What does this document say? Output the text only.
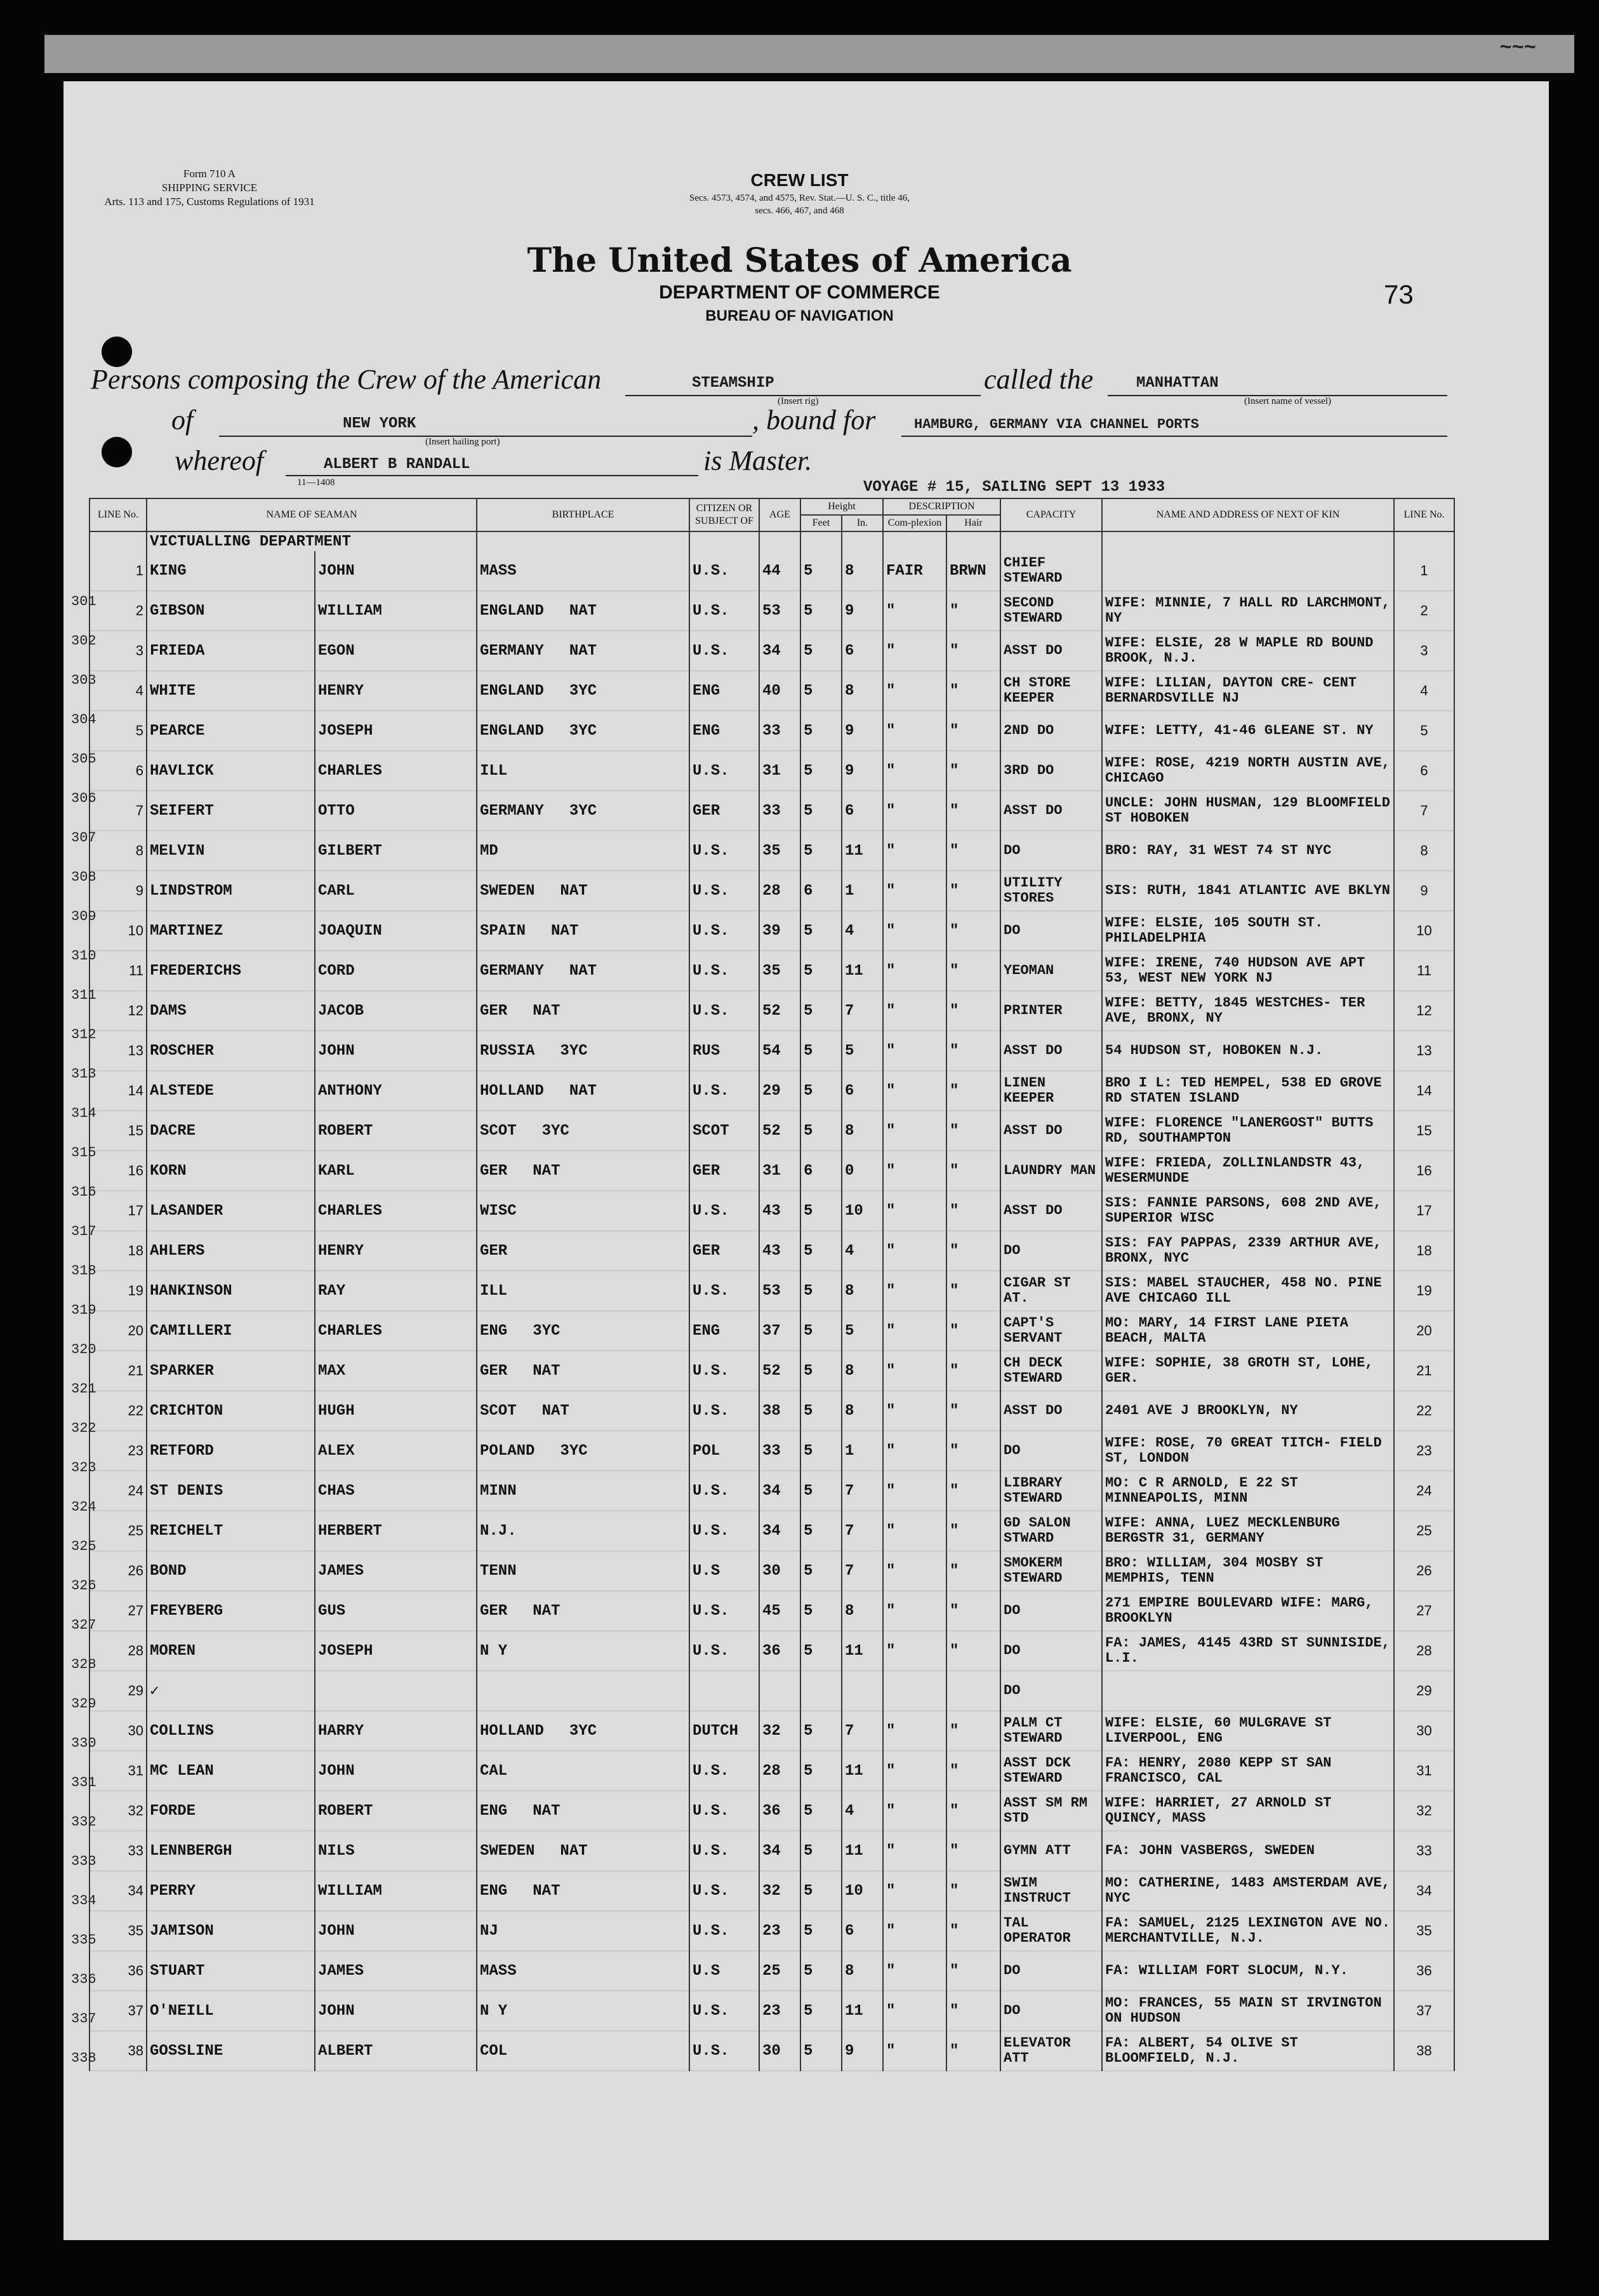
~~~
Form 710 A
SHIPPING SERVICE
Arts. 113 and 175, Customs Regulations of 1931
CREW LIST
Secs. 4573, 4574, and 4575, Rev. Stat.—U. S. C., title 46,
secs. 466, 467, and 468
The United States of America
DEPARTMENT OF COMMERCE
BUREAU OF NAVIGATION
73
Persons composing the Crew of the American	STEAMSHIP
(Insert rig)
called the	MANHATTAN
(Insert name of vessel)
of	NEW YORK
(Insert hailing port)
, bound for	HAMBURG, GERMANY VIA CHANNEL PORTS
whereof	ALBERT B RANDALL
11—1408
is Master.
VOYAGE # 15, SAILING SEPT 13 1933
LINE No.	NAME OF SEAMAN		BIRTHPLACE	CITIZEN OR SUBJECT OF	AGE	Height		DESCRIPTION		CAPACITY	NAME AND ADDRESS OF NEXT OF KIN	LINE No.
						Feet	In.	Com-plexion	Hair			
	VICTUALLING DEPARTMENT											
1	KING	JOHN	MASS	U.S.	44	5	8	FAIR	BRWN	CHIEF STEWARD		1
2	GIBSON	WILLIAM	ENGLAND NAT	U.S.	53	5	9	"	"	SECOND STEWARD	WIFE: MINNIE, 7 HALL RD LARCHMONT, NY	2
3	FRIEDA	EGON	GERMANY NAT	U.S.	34	5	6	"	"	ASST DO	WIFE: ELSIE, 28 W MAPLE RD BOUND BROOK, N.J.	3
4	WHITE	HENRY	ENGLAND 3YC	ENG	40	5	8	"	"	CH STORE KEEPER	WIFE: LILIAN, DAYTON CRE- CENT BERNARDSVILLE NJ	4
5	PEARCE	JOSEPH	ENGLAND 3YC	ENG	33	5	9	"	"	2ND DO	WIFE: LETTY, 41-46 GLEANE ST. NY	5
6	HAVLICK	CHARLES	ILL	U.S.	31	5	9	"	"	3RD DO	WIFE: ROSE, 4219 NORTH AUSTIN AVE, CHICAGO	6
7	SEIFERT	OTTO	GERMANY 3YC	GER	33	5	6	"	"	ASST DO	UNCLE: JOHN HUSMAN, 129 BLOOMFIELD ST HOBOKEN	7
8	MELVIN	GILBERT	MD	U.S.	35	5	11	"	"	DO	BRO: RAY, 31 WEST 74 ST NYC	8
9	LINDSTROM	CARL	SWEDEN NAT	U.S.	28	6	1	"	"	UTILITY STORES	SIS: RUTH, 1841 ATLANTIC AVE BKLYN	9
10	MARTINEZ	JOAQUIN	SPAIN NAT	U.S.	39	5	4	"	"	DO	WIFE: ELSIE, 105 SOUTH ST. PHILADELPHIA	10
11	FREDERICHS	CORD	GERMANY NAT	U.S.	35	5	11	"	"	YEOMAN	WIFE: IRENE, 740 HUDSON AVE APT 53, WEST NEW YORK NJ	11
12	DAMS	JACOB	GER NAT	U.S.	52	5	7	"	"	PRINTER	WIFE: BETTY, 1845 WESTCHES- TER AVE, BRONX, NY	12
13	ROSCHER	JOHN	RUSSIA 3YC	RUS	54	5	5	"	"	ASST DO	54 HUDSON ST, HOBOKEN N.J.	13
14	ALSTEDE	ANTHONY	HOLLAND NAT	U.S.	29	5	6	"	"	LINEN KEEPER	BRO I L: TED HEMPEL, 538 ED GROVE RD STATEN ISLAND	14
15	DACRE	ROBERT	SCOT 3YC	SCOT	52	5	8	"	"	ASST DO	WIFE: FLORENCE "LANERGOST" BUTTS RD, SOUTHAMPTON	15
16	KORN	KARL	GER NAT	GER	31	6	0	"	"	LAUNDRY MAN	WIFE: FRIEDA, ZOLLINLANDSTR 43, WESERMUNDE	16
17	LASANDER	CHARLES	WISC	U.S.	43	5	10	"	"	ASST DO	SIS: FANNIE PARSONS, 608 2ND AVE, SUPERIOR WISC	17
18	AHLERS	HENRY	GER	GER	43	5	4	"	"	DO	SIS: FAY PAPPAS, 2339 ARTHUR AVE, BRONX, NYC	18
19	HANKINSON	RAY	ILL	U.S.	53	5	8	"	"	CIGAR ST AT.	SIS: MABEL STAUCHER, 458 NO. PINE AVE CHICAGO ILL	19
20	CAMILLERI	CHARLES	ENG 3YC	ENG	37	5	5	"	"	CAPT'S SERVANT	MO: MARY, 14 FIRST LANE PIETA BEACH, MALTA	20
21	SPARKER	MAX	GER NAT	U.S.	52	5	8	"	"	CH DECK STEWARD	WIFE: SOPHIE, 38 GROTH ST, LOHE, GER.	21
22	CRICHTON	HUGH	SCOT NAT	U.S.	38	5	8	"	"	ASST DO	2401 AVE J BROOKLYN, NY	22
23	RETFORD	ALEX	POLAND 3YC	POL	33	5	1	"	"	DO	WIFE: ROSE, 70 GREAT TITCH- FIELD ST, LONDON	23
24	ST DENIS	CHAS	MINN	U.S.	34	5	7	"	"	LIBRARY STEWARD	MO: C R ARNOLD, E 22 ST MINNEAPOLIS, MINN	24
25	REICHELT	HERBERT	N.J.	U.S.	34	5	7	"	"	GD SALON STWARD	WIFE: ANNA, LUEZ MECKLENBURG BERGSTR 31, GERMANY	25
26	BOND	JAMES	TENN	U.S	30	5	7	"	"	SMOKERM STEWARD	BRO: WILLIAM, 304 MOSBY ST MEMPHIS, TENN	26
27	FREYBERG	GUS	GER NAT	U.S.	45	5	8	"	"	DO	271 EMPIRE BOULEVARD WIFE: MARG, BROOKLYN	27
28	MOREN	JOSEPH	N Y	U.S.	36	5	11	"	"	DO	FA: JAMES, 4145 43RD ST SUNNISIDE, L.I.	28
29	✓									DO		29
30	COLLINS	HARRY	HOLLAND 3YC	DUTCH	32	5	7	"	"	PALM CT STEWARD	WIFE: ELSIE, 60 MULGRAVE ST LIVERPOOL, ENG	30
31	MC LEAN	JOHN	CAL	U.S.	28	5	11	"	"	ASST DCK STEWARD	FA: HENRY, 2080 KEPP ST SAN FRANCISCO, CAL	31
32	FORDE	ROBERT	ENG NAT	U.S.	36	5	4	"	"	ASST SM RM STD	WIFE: HARRIET, 27 ARNOLD ST QUINCY, MASS	32
33	LENNBERGH	NILS	SWEDEN NAT	U.S.	34	5	11	"	"	GYMN ATT	FA: JOHN VASBERGS, SWEDEN	33
34	PERRY	WILLIAM	ENG NAT	U.S.	32	5	10	"	"	SWIM INSTRUCT	MO: CATHERINE, 1483 AMSTERDAM AVE, NYC	34
35	JAMISON	JOHN	NJ	U.S.	23	5	6	"	"	TAL OPERATOR	FA: SAMUEL, 2125 LEXINGTON AVE NO. MERCHANTVILLE, N.J.	35
36	STUART	JAMES	MASS	U.S	25	5	8	"	"	DO	FA: WILLIAM FORT SLOCUM, N.Y.	36
37	O'NEILL	JOHN	N Y	U.S.	23	5	11	"	"	DO	MO: FRANCES, 55 MAIN ST IRVINGTON ON HUDSON	37
38	GOSSLINE	ALBERT	COL	U.S.	30	5	9	"	"	ELEVATOR ATT	FA: ALBERT, 54 OLIVE ST BLOOMFIELD, N.J.	38
301
302
303
304
305
306
307
308
309
310
311
312
313
314
315
316
317
318
319
320
321
322
323
324
325
326
327
328
329
330
331
332
333
334
335
336
337
338
